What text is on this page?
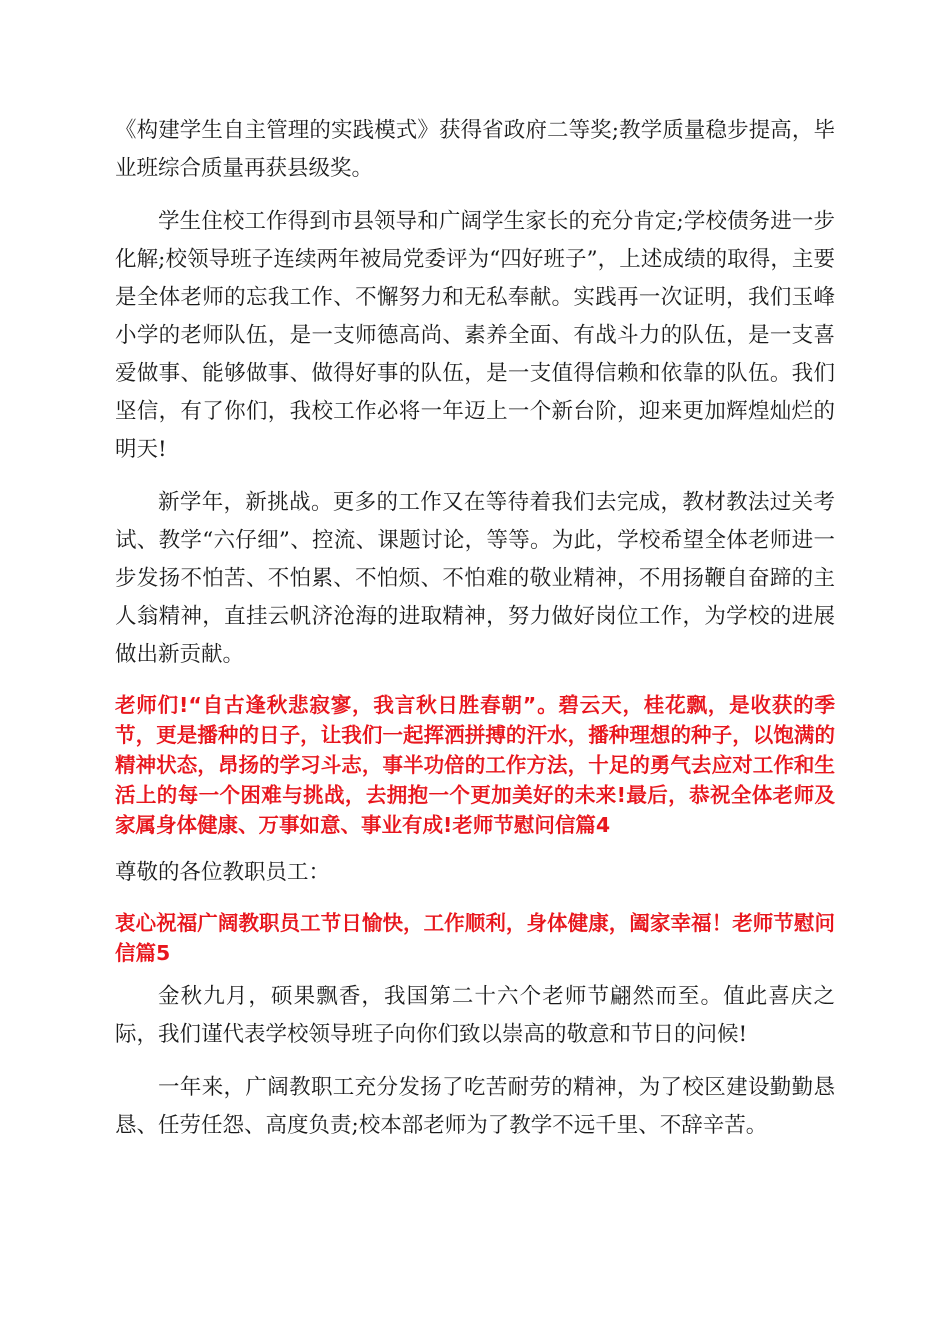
《构建学生自主管理的实践模式》获得省政府二等奖;教学质量稳步提高，毕业班综合质量再获县级奖。

学生住校工作得到市县领导和广阔学生家长的充分肯定;学校债务进一步化解;校领导班子连续两年被局党委评为“四好班子”，上述成绩的取得，主要是全体老师的忘我工作、不懈努力和无私奉献。实践再一次证明，我们玉峰小学的老师队伍，是一支师德高尚、素养全面、有战斗力的队伍，是一支喜爱做事、能够做事、做得好事的队伍，是一支值得信赖和依靠的队伍。我们坚信，有了你们，我校工作必将一年迈上一个新台阶，迎来更加辉煌灿烂的明天!

新学年，新挑战。更多的工作又在等待着我们去完成，教材教法过关考试、教学“六仔细”、控流、课题讨论，等等。为此，学校希望全体老师进一步发扬不怕苦、不怕累、不怕烦、不怕难的敬业精神，不用扬鞭自奋蹄的主人翁精神，直挂云帆济沧海的进取精神，努力做好岗位工作，为学校的进展做出新贡献。

老师们!“自古逢秋悲寂寥，我言秋日胜春朝”。碧云天，桂花飘，是收获的季节，更是播种的日子，让我们一起挥洒拼搏的汗水，播种理想的种子，以饱满的精神状态，昂扬的学习斗志，事半功倍的工作方法，十足的勇气去应对工作和生活上的每一个困难与挑战，去拥抱一个更加美好的未来!最后，恭祝全体老师及家属身体健康、万事如意、事业有成!老师节慰问信篇4

尊敬的各位教职员工：

衷心祝福广阔教职员工节日愉快，工作顺利，身体健康，阖家幸福！老师节慰问信篇5

金秋九月，硕果飘香，我国第二十六个老师节翩然而至。值此喜庆之际，我们谨代表学校领导班子向你们致以崇高的敬意和节日的问候!

一年来，广阔教职工充分发扬了吃苦耐劳的精神，为了校区建设勤勤恳恳、任劳任怨、高度负责;校本部老师为了教学不远千里、不辞辛苦。
